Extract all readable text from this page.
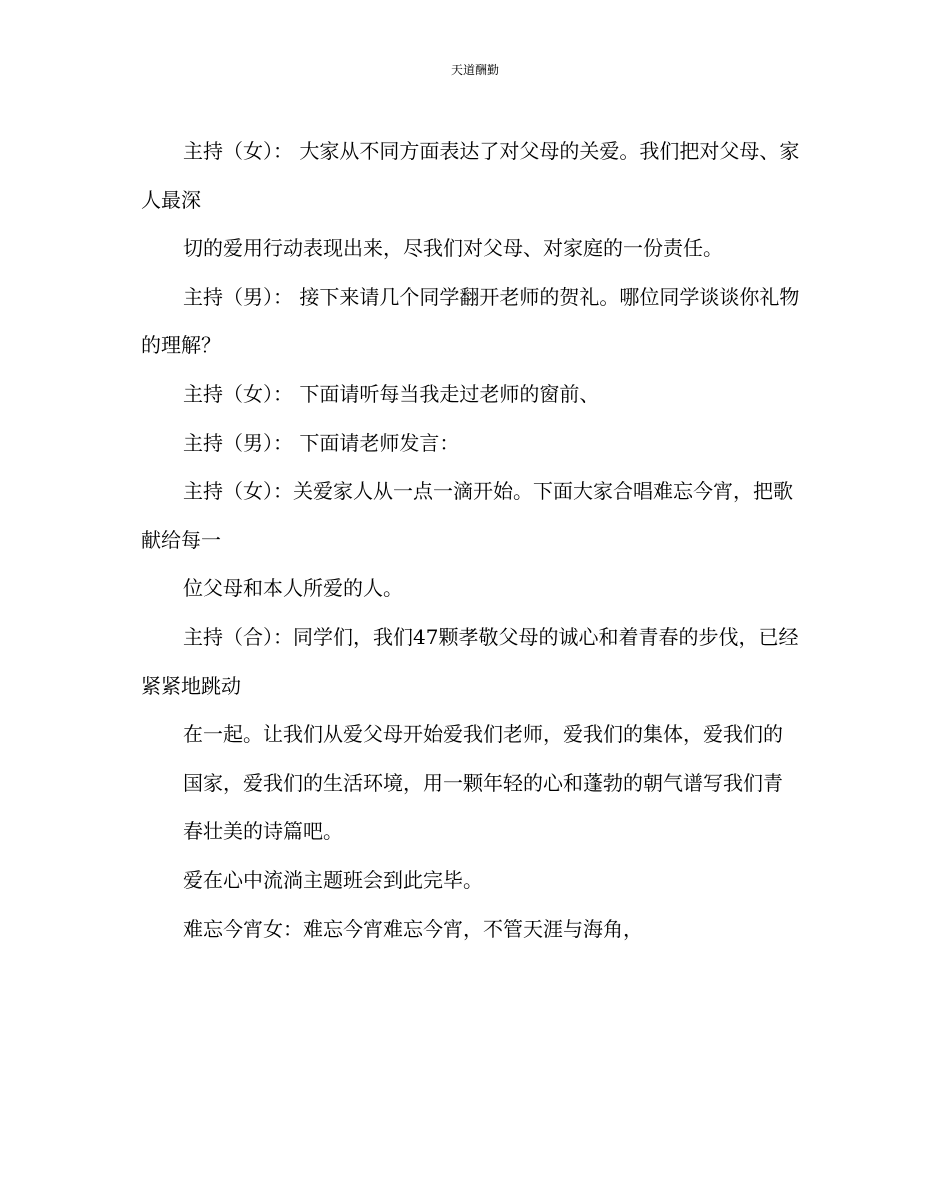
天道酬勤

主持（女）： 大家从不同方面表达了对父母的关爱。我们把对父母、家人最深

切的爱用行动表现出来，尽我们对父母、对家庭的一份责任。

主持（男）： 接下来请几个同学翻开老师的贺礼。哪位同学谈谈你礼物的理解？

主持（女）： 下面请听每当我走过老师的窗前、

主持（男）： 下面请老师发言：

主持（女）：关爱家人从一点一滴开始。下面大家合唱难忘今宵，把歌献给每一

位父母和本人所爱的人。

主持（合）：同学们，我们47颗孝敬父母的诚心和着青春的步伐，已经紧紧地跳动

在一起。让我们从爱父母开始爱我们老师，爱我们的集体，爱我们的

国家，爱我们的生活环境，用一颗年轻的心和蓬勃的朝气谱写我们青

春壮美的诗篇吧。

爱在心中流淌主题班会到此完毕。

难忘今宵女：难忘今宵难忘今宵，不管天涯与海角，
